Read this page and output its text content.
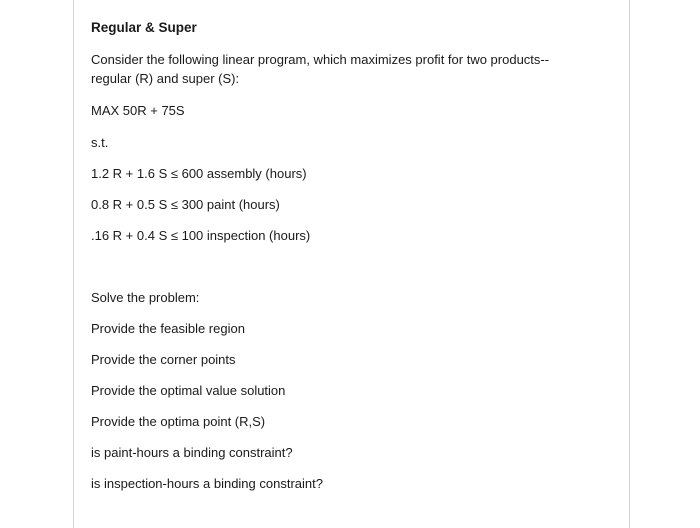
Regular & Super
Consider the following linear program, which maximizes profit for two products--
regular (R) and super (S):
MAX 50R + 75S
s.t.
1.2 R + 1.6 S ≤ 600 assembly (hours)
0.8 R + 0.5 S ≤ 300 paint (hours)
.16 R + 0.4 S ≤ 100 inspection (hours)
Solve the problem:
Provide the feasible region
Provide the corner points
Provide the optimal value solution
Provide the optima point (R,S)
is paint-hours a binding constraint?
is inspection-hours a binding constraint?
